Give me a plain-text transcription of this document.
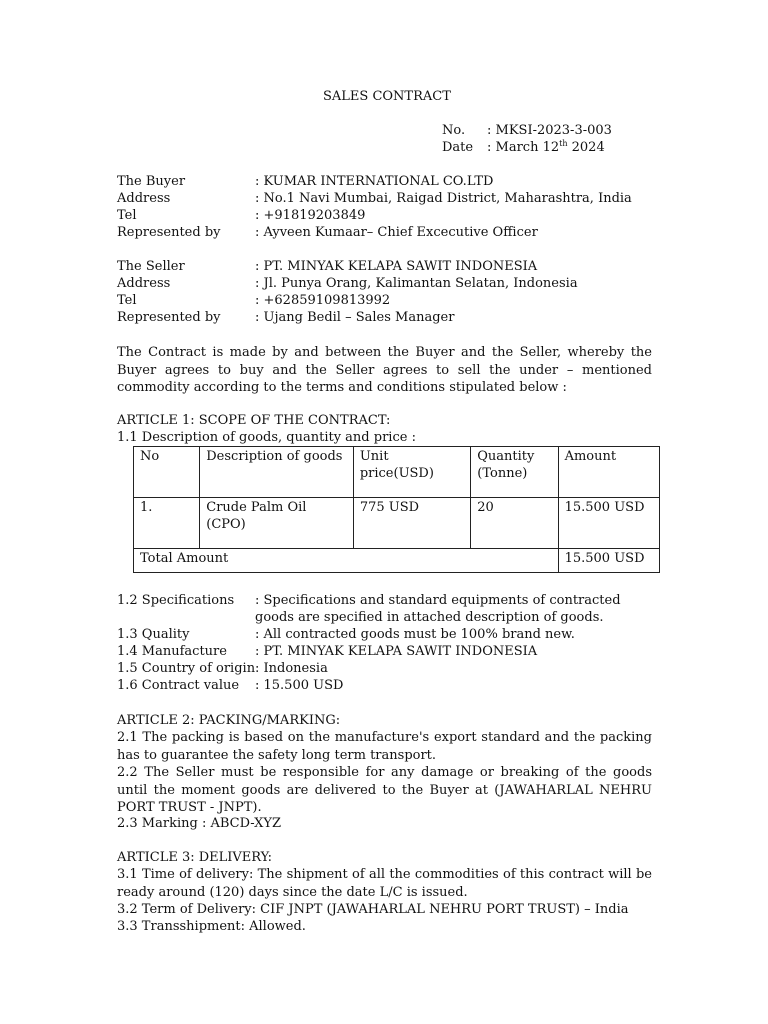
SALES CONTRACT
No. : MKSI-2023-3-003
Date : March 12th 2024
The Buyer	: KUMAR INTERNATIONAL CO.LTD
Address	: No.1 Navi Mumbai, Raigad District, Maharashtra, India
Tel	: +91819203849
Represented by	: Ayveen Kumaar– Chief Excecutive Officer
The Seller	: PT. MINYAK KELAPA SAWIT INDONESIA
Address	: Jl. Punya Orang, Kalimantan Selatan, Indonesia
Tel	: +62859109813992
Represented by	: Ujang Bedil – Sales Manager
The Contract is made by and between the Buyer and the Seller, whereby the Buyer agrees to buy and the Seller agrees to sell the under – mentioned commodity according to the terms and conditions stipulated below :
ARTICLE 1: SCOPE OF THE CONTRACT:
1.1 Description of goods, quantity and price :
No	Description of goods	Unit price(USD)	Quantity (Tonne)	Amount
1.	Crude Palm Oil (CPO)	775 USD	20	15.500 USD
Total Amount				15.500 USD
1.2 Specifications : Specifications and standard equipments of contracted goods are specified in attached description of goods.
1.3 Quality	: All contracted goods must be 100% brand new.
1.4 Manufacture : PT. MINYAK KELAPA SAWIT INDONESIA
1.5 Country of origin : Indonesia
1.6 Contract value : 15.500 USD
ARTICLE 2: PACKING/MARKING:
2.1 The packing is based on the manufacture's export standard and the packing has to guarantee the safety long term transport.
2.2 The Seller must be responsible for any damage or breaking of the goods until the moment goods are delivered to the Buyer at (JAWAHARLAL NEHRU PORT TRUST - JNPT).
2.3 Marking : ABCD-XYZ
ARTICLE 3: DELIVERY:
3.1 Time of delivery: The shipment of all the commodities of this contract will be ready around (120) days since the date L/C is issued.
3.2 Term of Delivery: CIF JNPT (JAWAHARLAL NEHRU PORT TRUST) – India
3.3 Transshipment: Allowed.
